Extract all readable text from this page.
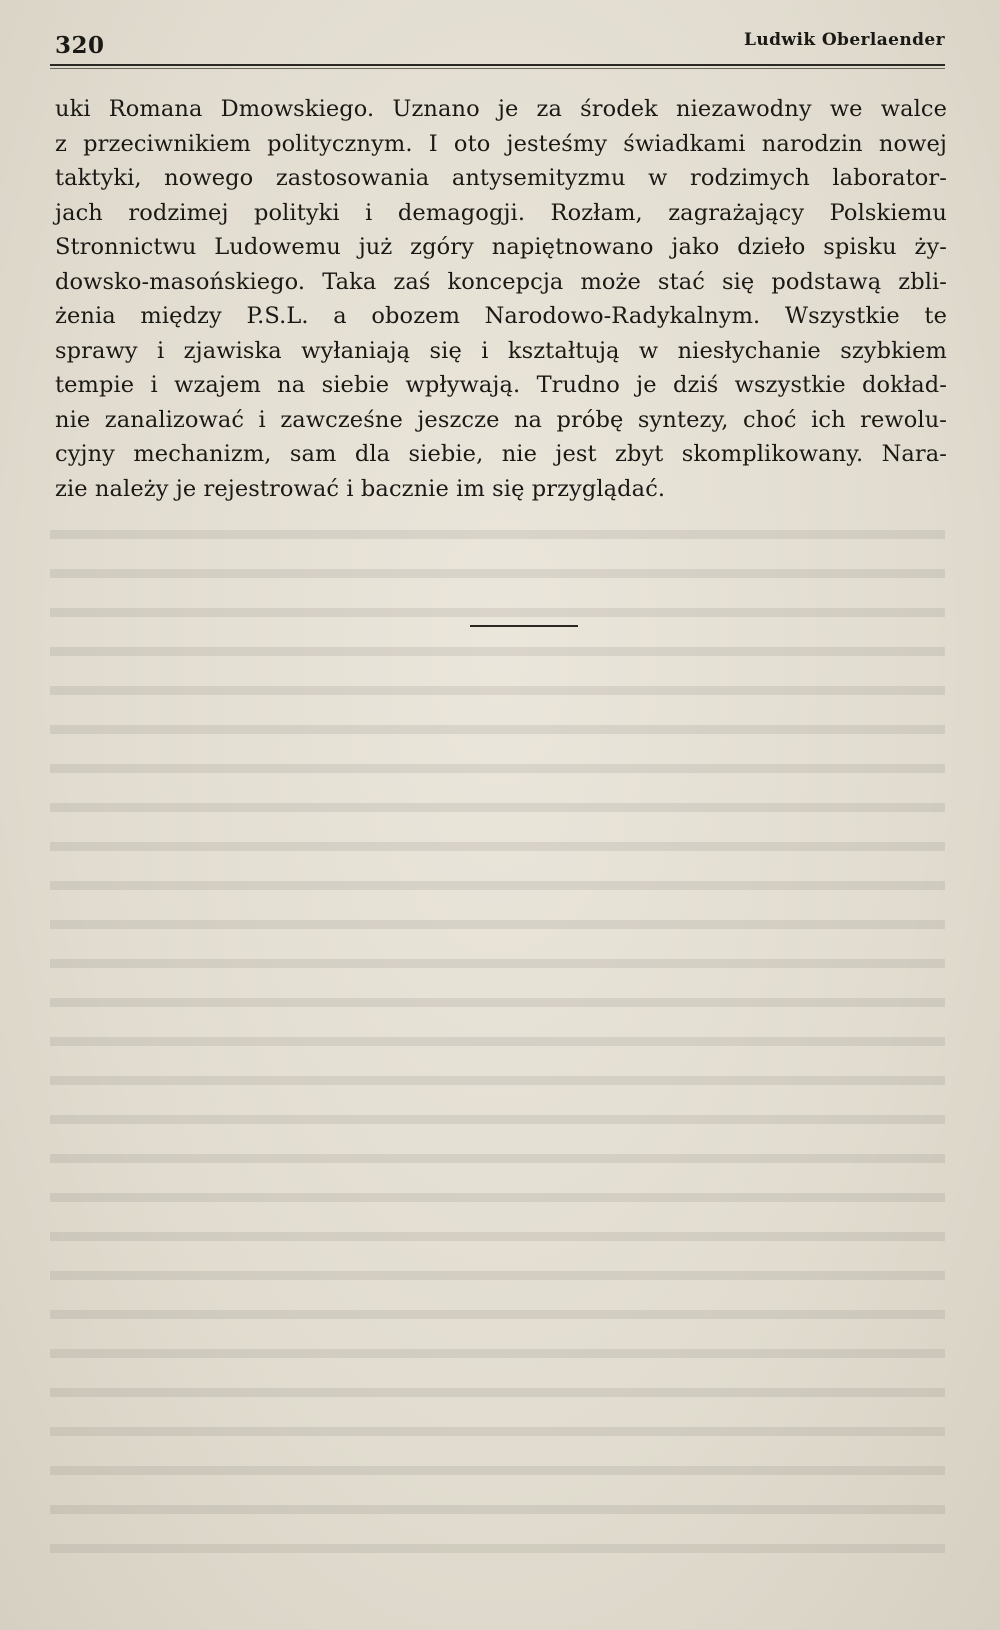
320	Ludwik Oberlaender
uki Romana Dmowskiego. Uznano je za środek niezawodny we walce
z przeciwnikiem politycznym. I oto jesteśmy świadkami narodzin nowej
taktyki, nowego zastosowania antysemityzmu w rodzimych laborator-
jach rodzimej polityki i demagogji. Rozłam, zagrażający Polskiemu
Stronnictwu Ludowemu już zgóry napiętnowano jako dzieło spisku ży-
dowsko-masońskiego. Taka zaś koncepcja może stać się podstawą zbli-
żenia między P.S.L. a obozem Narodowo-Radykalnym. Wszystkie te
sprawy i zjawiska wyłaniają się i kształtują w niesłychanie szybkiem
tempie i wzajem na siebie wpływają. Trudno je dziś wszystkie dokład-
nie zanalizować i zawcześne jeszcze na próbę syntezy, choć ich rewolu-
cyjny mechanizm, sam dla siebie, nie jest zbyt skomplikowany. Nara-
zie należy je rejestrować i bacznie im się przyglądać.
